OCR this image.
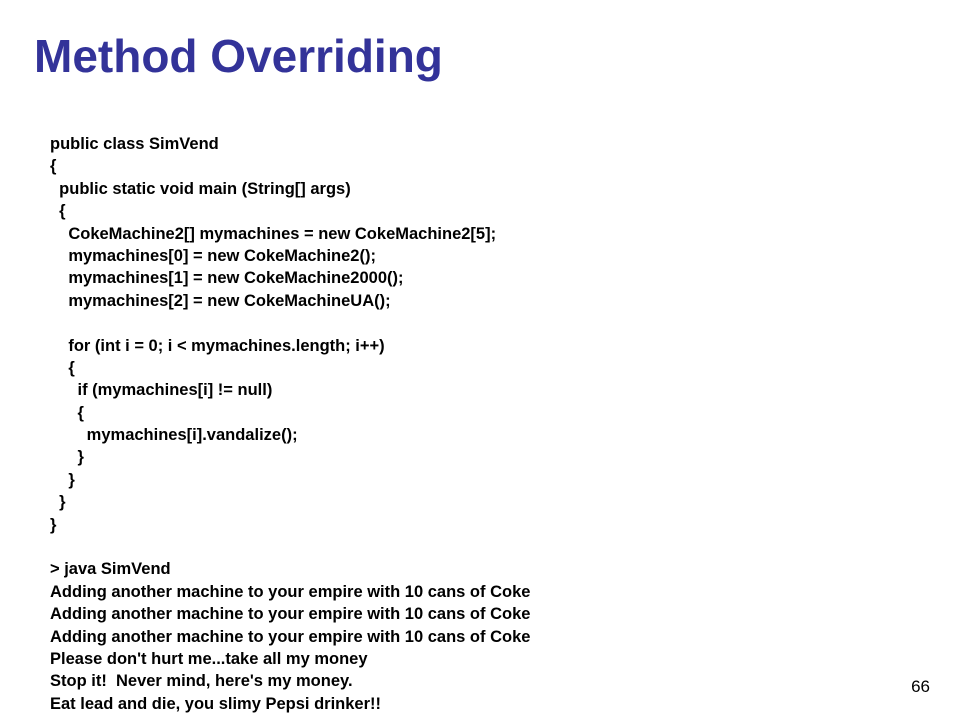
Method Overriding
public class SimVend
{
public static void main (String[] args)
{
CokeMachine2[] mymachines = new CokeMachine2[5];
mymachines[0] = new CokeMachine2();
mymachines[1] = new CokeMachine2000();
mymachines[2] = new CokeMachineUA();
for (int i = 0; i < mymachines.length; i++)
{
if (mymachines[i] != null)
{
mymachines[i].vandalize();
}
}
}
}
> java SimVend
Adding another machine to your empire with 10 cans of Coke
Adding another machine to your empire with 10 cans of Coke
Adding another machine to your empire with 10 cans of Coke
Please don't hurt me...take all my money
Stop it!  Never mind, here's my money.
Eat lead and die, you slimy Pepsi drinker!!
66
